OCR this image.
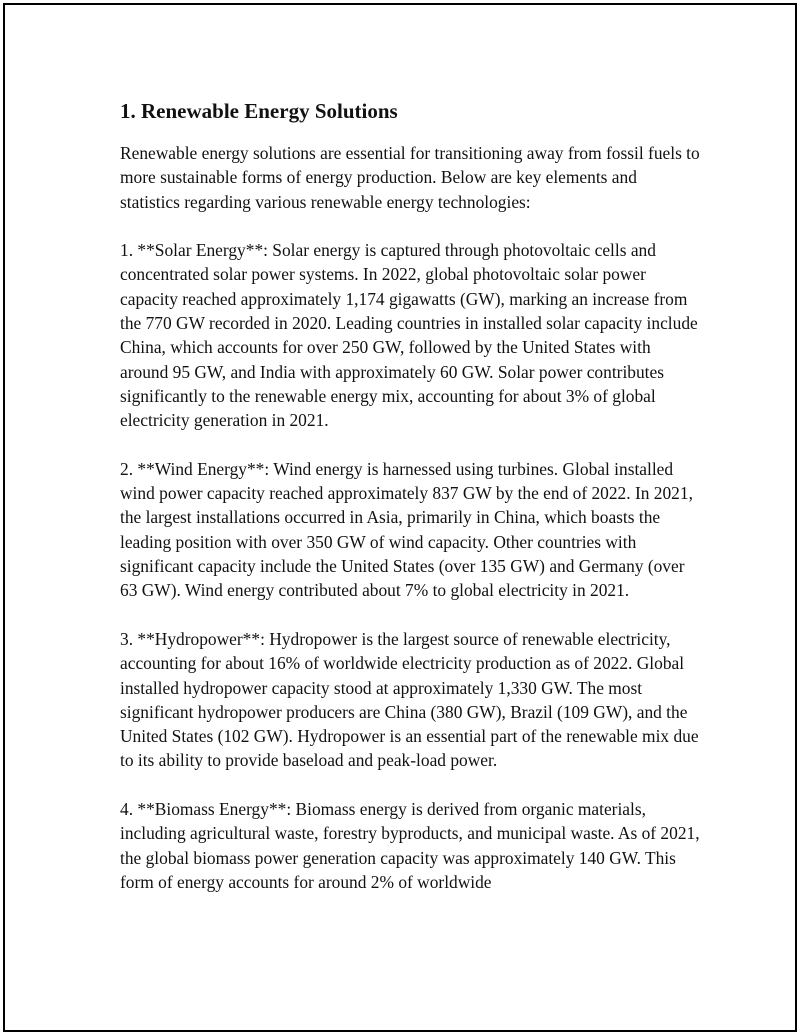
1. Renewable Energy Solutions

Renewable energy solutions are essential for transitioning away from fossil fuels to more sustainable forms of energy production. Below are key elements and statistics regarding various renewable energy technologies:

1. **Solar Energy**: Solar energy is captured through photovoltaic cells and concentrated solar power systems. In 2022, global photovoltaic solar power capacity reached approximately 1,174 gigawatts (GW), marking an increase from the 770 GW recorded in 2020. Leading countries in installed solar capacity include China, which accounts for over 250 GW, followed by the United States with around 95 GW, and India with approximately 60 GW. Solar power contributes significantly to the renewable energy mix, accounting for about 3% of global electricity generation in 2021.

2. **Wind Energy**: Wind energy is harnessed using turbines. Global installed wind power capacity reached approximately 837 GW by the end of 2022. In 2021, the largest installations occurred in Asia, primarily in China, which boasts the leading position with over 350 GW of wind capacity. Other countries with significant capacity include the United States (over 135 GW) and Germany (over 63 GW). Wind energy contributed about 7% to global electricity in 2021.

3. **Hydropower**: Hydropower is the largest source of renewable electricity, accounting for about 16% of worldwide electricity production as of 2022. Global installed hydropower capacity stood at approximately 1,330 GW. The most significant hydropower producers are China (380 GW), Brazil (109 GW), and the United States (102 GW). Hydropower is an essential part of the renewable mix due to its ability to provide baseload and peak-load power.

4. **Biomass Energy**: Biomass energy is derived from organic materials, including agricultural waste, forestry byproducts, and municipal waste. As of 2021, the global biomass power generation capacity was approximately 140 GW. This form of energy accounts for around 2% of worldwide
